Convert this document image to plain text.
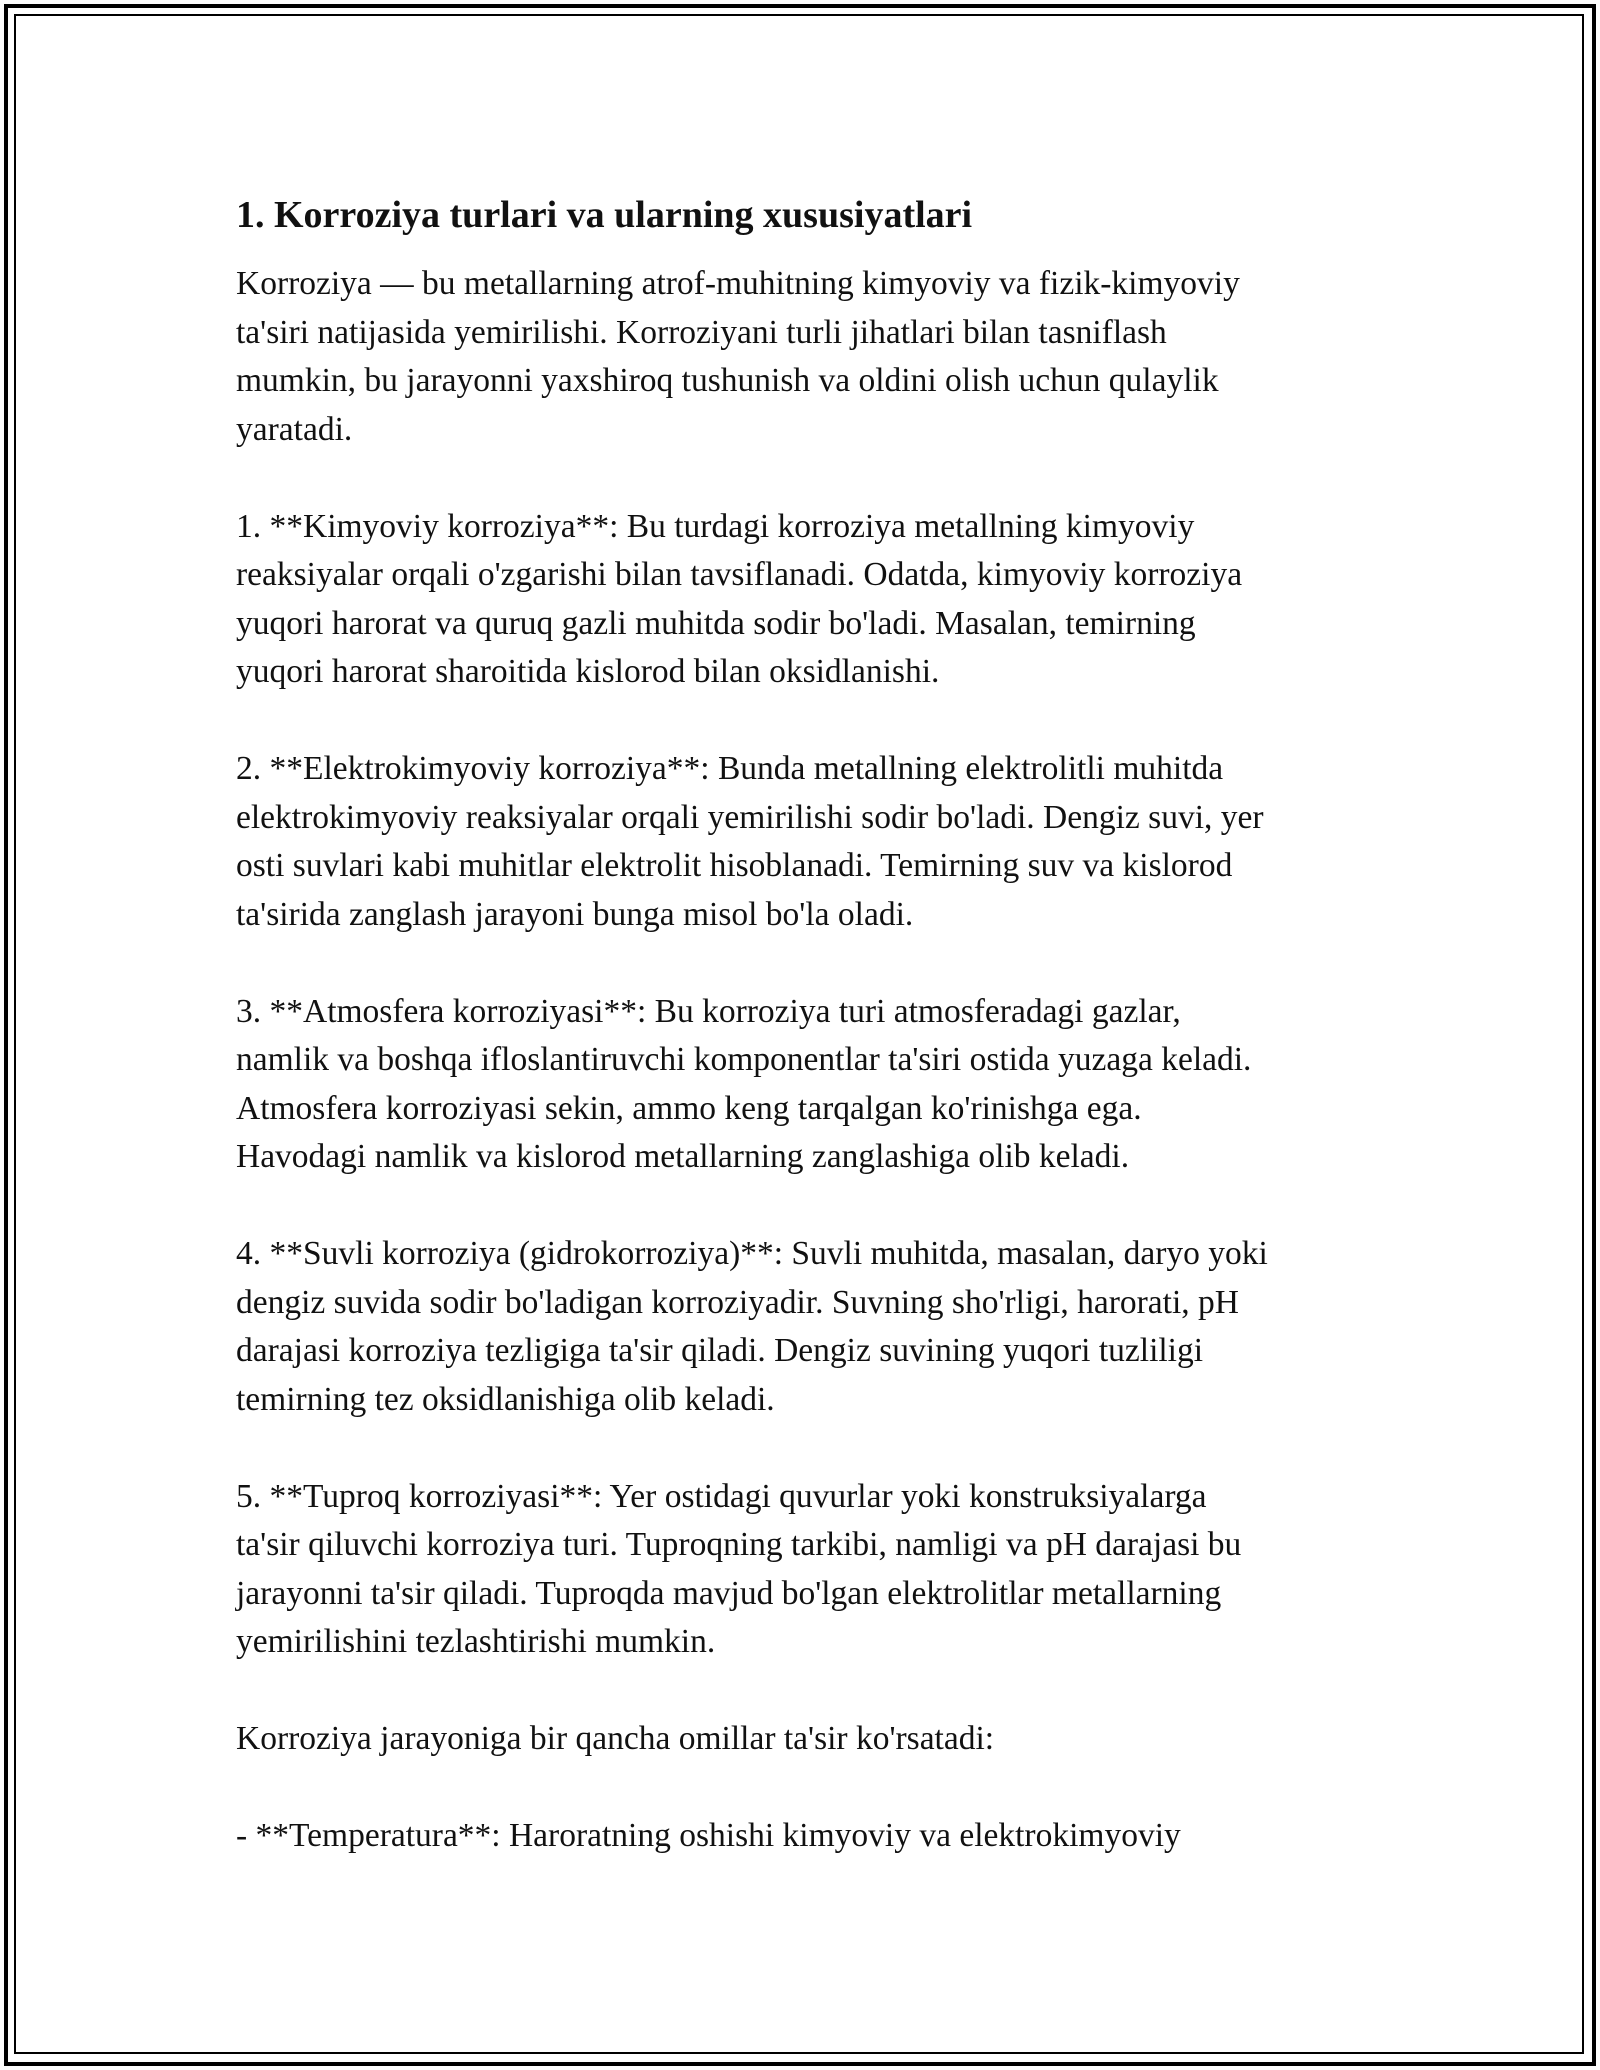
1. Korroziya turlari va ularning xususiyatlari

Korroziya — bu metallarning atrof-muhitning kimyoviy va fizik-kimyoviy
ta'siri natijasida yemirilishi. Korroziyani turli jihatlari bilan tasniflash
mumkin, bu jarayonni yaxshiroq tushunish va oldini olish uchun qulaylik
yaratadi.

1. **Kimyoviy korroziya**: Bu turdagi korroziya metallning kimyoviy
reaksiyalar orqali o'zgarishi bilan tavsiflanadi. Odatda, kimyoviy korroziya
yuqori harorat va quruq gazli muhitda sodir bo'ladi. Masalan, temirning
yuqori harorat sharoitida kislorod bilan oksidlanishi.

2. **Elektrokimyoviy korroziya**: Bunda metallning elektrolitli muhitda
elektrokimyoviy reaksiyalar orqali yemirilishi sodir bo'ladi. Dengiz suvi, yer
osti suvlari kabi muhitlar elektrolit hisoblanadi. Temirning suv va kislorod
ta'sirida zanglash jarayoni bunga misol bo'la oladi.

3. **Atmosfera korroziyasi**: Bu korroziya turi atmosferadagi gazlar,
namlik va boshqa ifloslantiruvchi komponentlar ta'siri ostida yuzaga keladi.
Atmosfera korroziyasi sekin, ammo keng tarqalgan ko'rinishga ega.
Havodagi namlik va kislorod metallarning zanglashiga olib keladi.

4. **Suvli korroziya (gidrokorroziya)**: Suvli muhitda, masalan, daryo yoki
dengiz suvida sodir bo'ladigan korroziyadir. Suvning sho'rligi, harorati, pH
darajasi korroziya tezligiga ta'sir qiladi. Dengiz suvining yuqori tuzliligi
temirning tez oksidlanishiga olib keladi.

5. **Tuproq korroziyasi**: Yer ostidagi quvurlar yoki konstruksiyalarga
ta'sir qiluvchi korroziya turi. Tuproqning tarkibi, namligi va pH darajasi bu
jarayonni ta'sir qiladi. Tuproqda mavjud bo'lgan elektrolitlar metallarning
yemirilishini tezlashtirishi mumkin.

Korroziya jarayoniga bir qancha omillar ta'sir ko'rsatadi:

- **Temperatura**: Haroratning oshishi kimyoviy va elektrokimyoviy
